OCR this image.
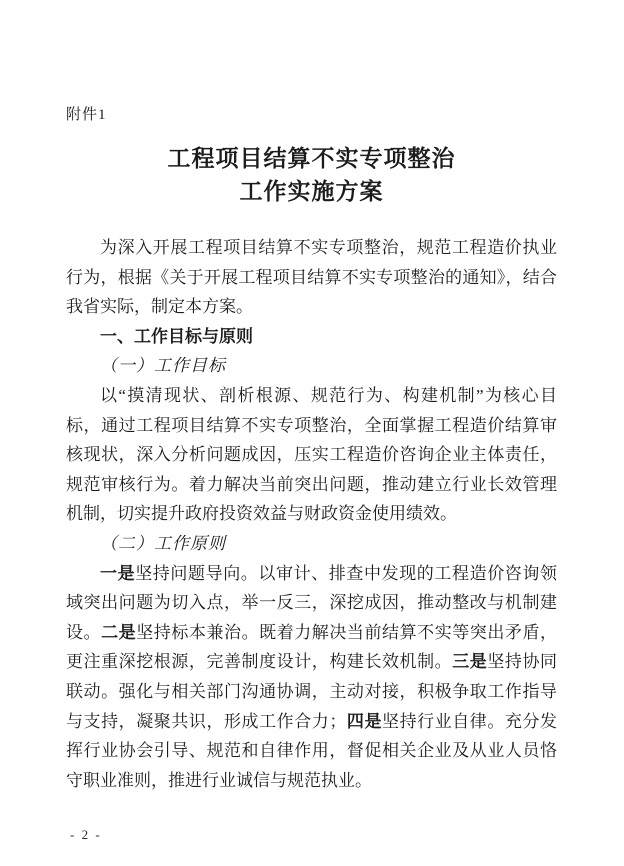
附件1
工程项目结算不实专项整治
工作实施方案

为深入开展工程项目结算不实专项整治，规范工程造价执业行为，根据《关于开展工程项目结算不实专项整治的通知》，结合我省实际，制定本方案。

一、工作目标与原则

（一）工作目标

以“摸清现状、剖析根源、规范行为、构建机制”为核心目标，通过工程项目结算不实专项整治，全面掌握工程造价结算审核现状，深入分析问题成因，压实工程造价咨询企业主体责任，规范审核行为。着力解决当前突出问题，推动建立行业长效管理机制，切实提升政府投资效益与财政资金使用绩效。

（二）工作原则

一是坚持问题导向。以审计、排查中发现的工程造价咨询领域突出问题为切入点，举一反三，深挖成因，推动整改与机制建设。二是坚持标本兼治。既着力解决当前结算不实等突出矛盾，更注重深挖根源，完善制度设计，构建长效机制。三是坚持协同联动。强化与相关部门沟通协调，主动对接，积极争取工作指导与支持，凝聚共识，形成工作合力；四是坚持行业自律。充分发挥行业协会引导、规范和自律作用，督促相关企业及从业人员恪守职业准则，推进行业诚信与规范执业。

- 2 -
